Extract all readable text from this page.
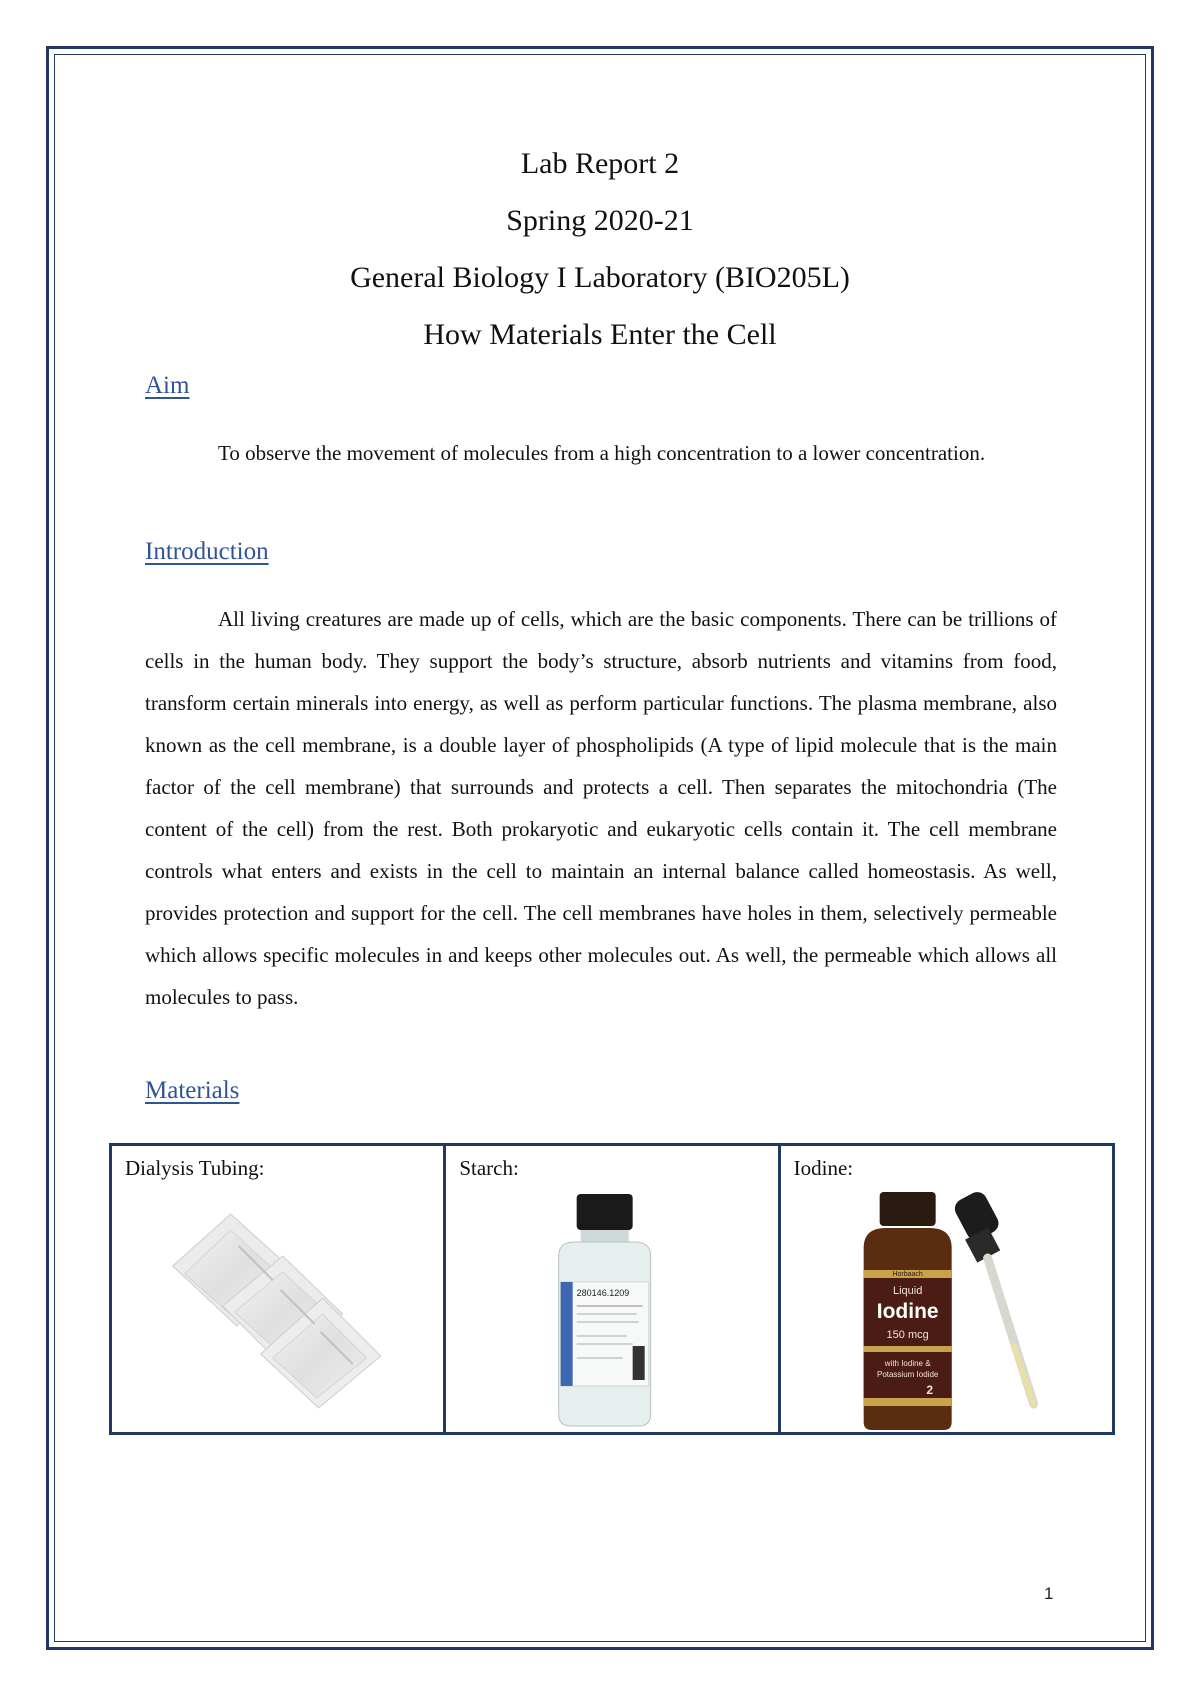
Lab Report 2
Spring 2020-21
General Biology I Laboratory (BIO205L)
How Materials Enter the Cell
Aim

To observe the movement of molecules from a high concentration to a lower concentration.

Introduction

All living creatures are made up of cells, which are the basic components. There can be trillions of cells in the human body. They support the body’s structure, absorb nutrients and vitamins from food, transform certain minerals into energy, as well as perform particular functions. The plasma membrane, also known as the cell membrane, is a double layer of phospholipids (A type of lipid molecule that is the main factor of the cell membrane) that surrounds and protects a cell. Then separates the mitochondria (The content of the cell) from the rest. Both prokaryotic and eukaryotic cells contain it. The cell membrane controls what enters and exists in the cell to maintain an internal balance called homeostasis. As well, provides protection and support for the cell. The cell membranes have holes in them, selectively permeable which allows specific molecules in and keeps other molecules out. As well, the permeable which allows all molecules to pass.

Materials
Dialysis Tubing:	Starch:
280146.1209
Iodine:
Horbaach
Liquid
Iodine
150 mcg
with Iodine &
Potassium Iodide
2
1
